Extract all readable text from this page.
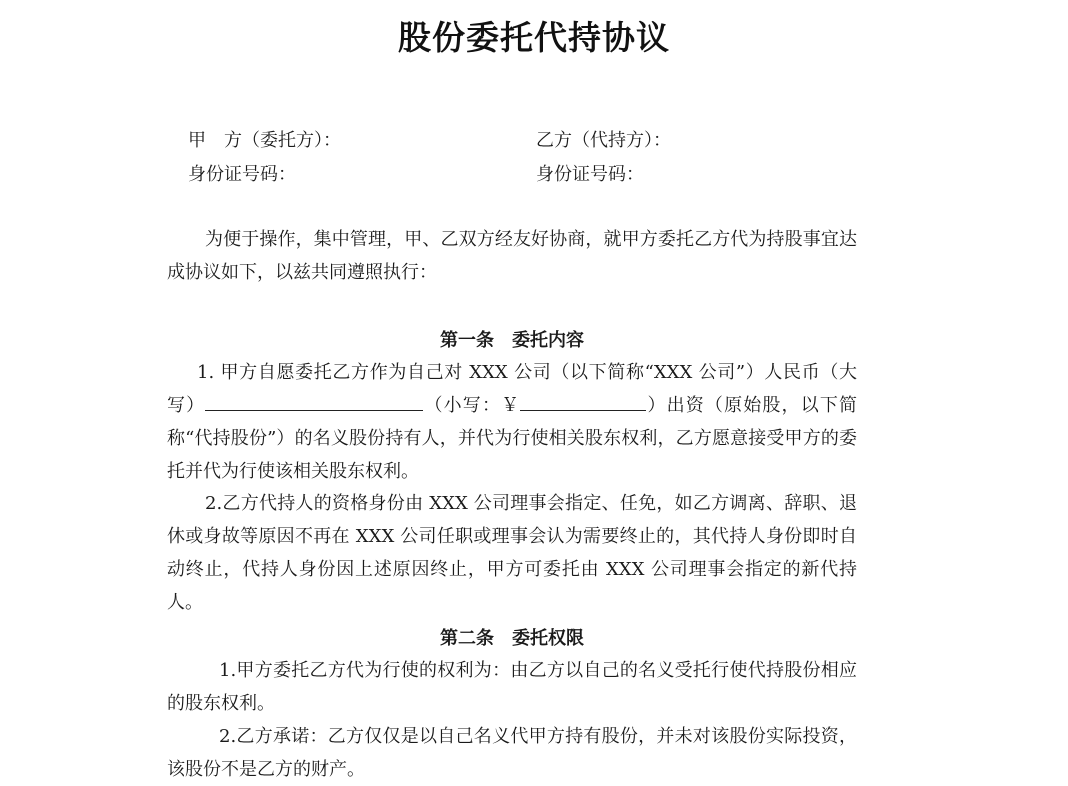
股份委托代持协议
甲　方（委托方）：	乙方（代持方）：
身份证号码：	身份证号码：
为便于操作，集中管理，甲、乙双方经友好协商，就甲方委托乙方代为持股事宜达成协议如下，以兹共同遵照执行：
第一条　委托内容
1. 甲方自愿委托乙方作为自己对 XXX 公司（以下简称“XXX 公司”）人民币（大写）	（小写：￥	）出资（原始股，以下简称“代持股份”）的名义股份持有人，并代为行使相关股东权利，乙方愿意接受甲方的委托并代为行使该相关股东权利。
2.乙方代持人的资格身份由 XXX 公司理事会指定、任免，如乙方调离、辞职、退休或身故等原因不再在 XXX 公司任职或理事会认为需要终止的，其代持人身份即时自动终止，代持人身份因上述原因终止，甲方可委托由 XXX 公司理事会指定的新代持人。
第二条　委托权限
1.甲方委托乙方代为行使的权利为：由乙方以自己的名义受托行使代持股份相应的股东权利。
2.乙方承诺：乙方仅仅是以自己名义代甲方持有股份，并未对该股份实际投资，该股份不是乙方的财产。
